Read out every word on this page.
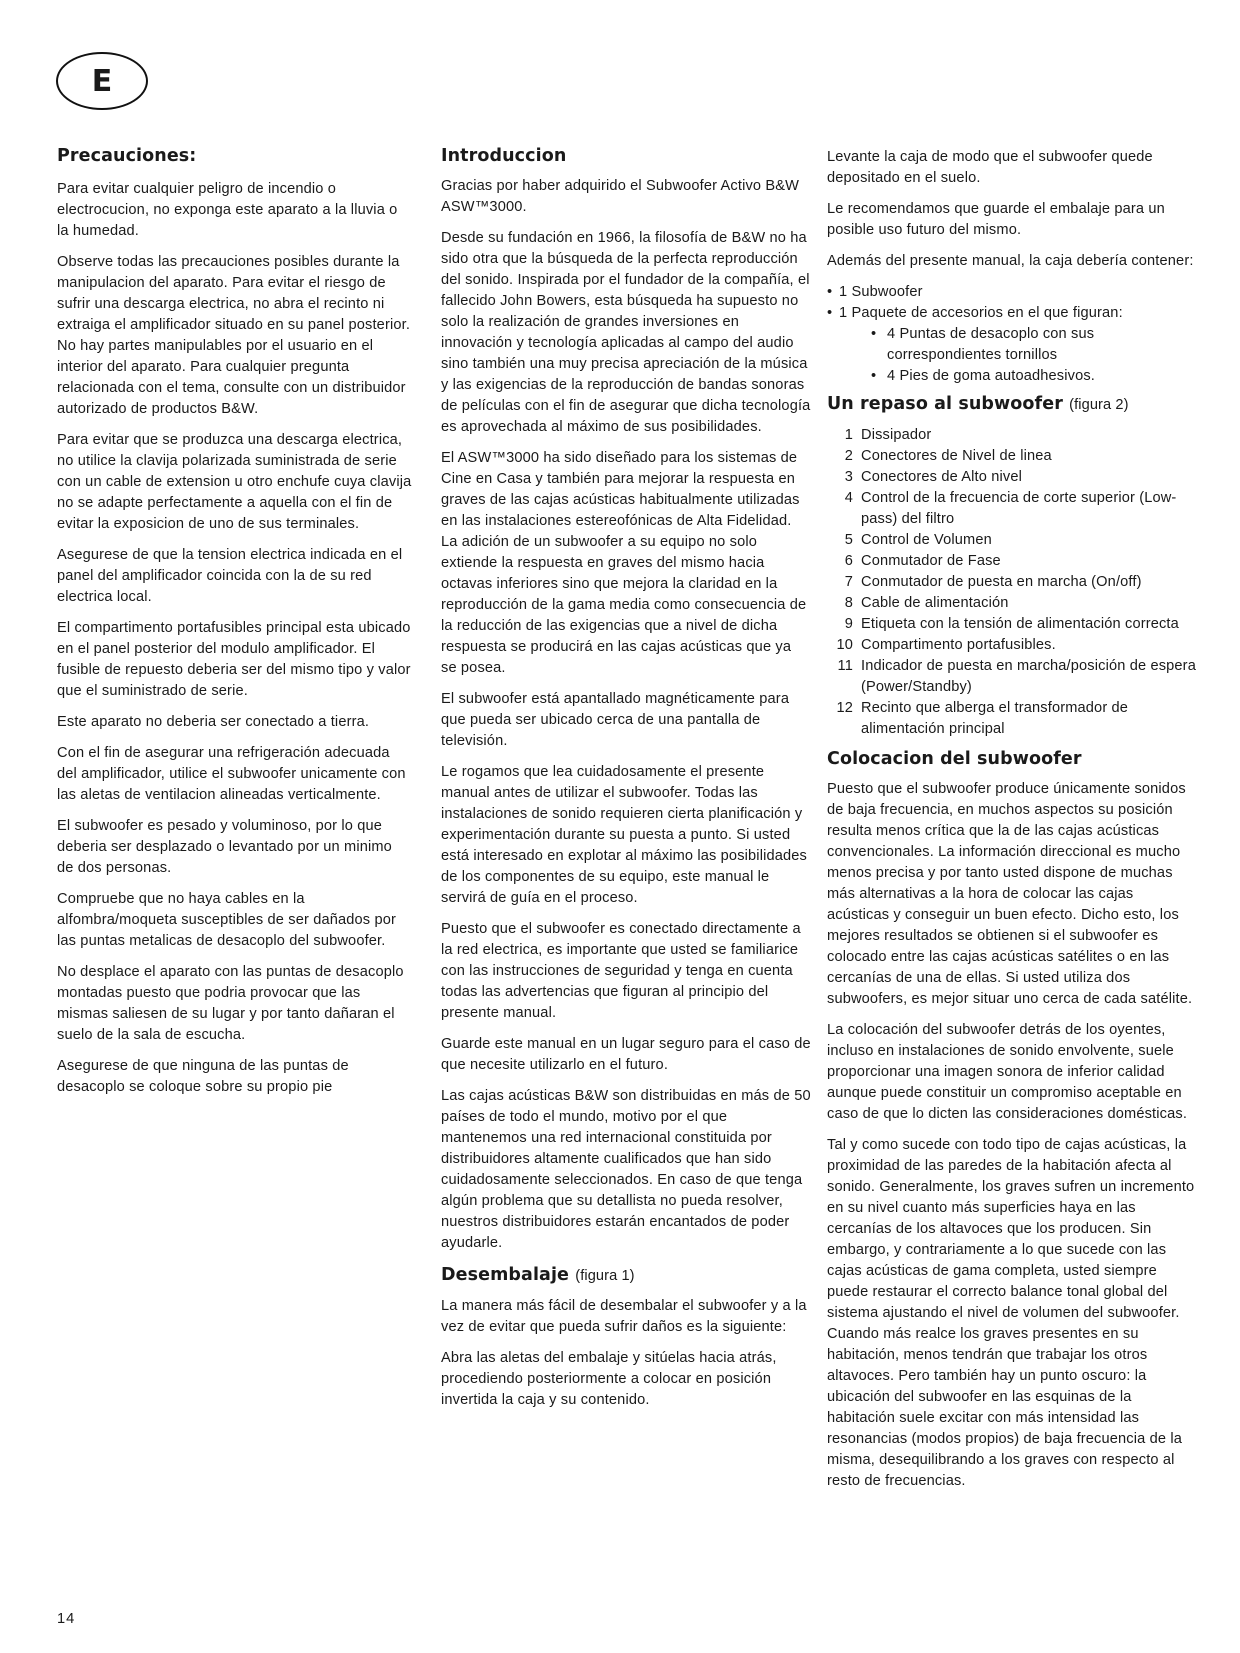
E
Precauciones:

Para evitar cualquier peligro de incendio o electrocucion, no exponga este aparato a la lluvia o la humedad.

Observe todas las precauciones posibles durante la manipulacion del aparato. Para evitar el riesgo de sufrir una descarga electrica, no abra el recinto ni extraiga el amplificador situado en su panel posterior. No hay partes manipulables por el usuario en el interior del aparato. Para cualquier pregunta relacionada con el tema, consulte con un distribuidor autorizado de productos B&W.

Para evitar que se produzca una descarga electrica, no utilice la clavija polarizada suministrada de serie con un cable de extension u otro enchufe cuya clavija no se adapte perfectamente a aquella con el fin de evitar la exposicion de uno de sus terminales.

Asegurese de que la tension electrica indicada en el panel del amplificador coincida con la de su red electrica local.

El compartimento portafusibles principal esta ubicado en el panel posterior del modulo amplificador. El fusible de repuesto deberia ser del mismo tipo y valor que el suministrado de serie.

Este aparato no deberia ser conectado a tierra.

Con el fin de asegurar una refrigeración adecuada del amplificador, utilice el subwoofer unicamente con las aletas de ventilacion alineadas verticalmente.

El subwoofer es pesado y voluminoso, por lo que deberia ser desplazado o levantado por un minimo de dos personas.

Compruebe que no haya cables en la alfombra/moqueta susceptibles de ser dañados por las puntas metalicas de desacoplo del subwoofer.

No desplace el aparato con las puntas de desacoplo montadas puesto que podria provocar que las mismas saliesen de su lugar y por tanto dañaran el suelo de la sala de escucha.

Asegurese de que ninguna de las puntas de desacoplo se coloque sobre su propio pie

Introduccion

Gracias por haber adquirido el Subwoofer Activo B&W ASW™3000.

Desde su fundación en 1966, la filosofía de B&W no ha sido otra que la búsqueda de la perfecta reproducción del sonido. Inspirada por el fundador de la compañía, el fallecido John Bowers, esta búsqueda ha supuesto no solo la realización de grandes inversiones en innovación y tecnología aplicadas al campo del audio sino también una muy precisa apreciación de la música y las exigencias de la reproducción de bandas sonoras de películas con el fin de asegurar que dicha tecnología es aprovechada al máximo de sus posibilidades.

El ASW™3000 ha sido diseñado para los sistemas de Cine en Casa y también para mejorar la respuesta en graves de las cajas acústicas habitualmente utilizadas en las instalaciones estereofónicas de Alta Fidelidad. La adición de un subwoofer a su equipo no solo extiende la respuesta en graves del mismo hacia octavas inferiores sino que mejora la claridad en la reproducción de la gama media como consecuencia de la reducción de las exigencias que a nivel de dicha respuesta se producirá en las cajas acústicas que ya se posea.

El subwoofer está apantallado magnéticamente para que pueda ser ubicado cerca de una pantalla de televisión.

Le rogamos que lea cuidadosamente el presente manual antes de utilizar el subwoofer. Todas las instalaciones de sonido requieren cierta planificación y experimentación durante su puesta a punto. Si usted está interesado en explotar al máximo las posibilidades de los componentes de su equipo, este manual le servirá de guía en el proceso.

Puesto que el subwoofer es conectado directamente a la red electrica, es importante que usted se familiarice con las instrucciones de seguridad y tenga en cuenta todas las advertencias que figuran al principio del presente manual.

Guarde este manual en un lugar seguro para el caso de que necesite utilizarlo en el futuro.

Las cajas acústicas B&W son distribuidas en más de 50 países de todo el mundo, motivo por el que mantenemos una red internacional constituida por distribuidores altamente cualificados que han sido cuidadosamente seleccionados. En caso de que tenga algún problema que su detallista no pueda resolver, nuestros distribuidores estarán encantados de poder ayudarle.

Desembalaje (figura 1)

La manera más fácil de desembalar el subwoofer y a la vez de evitar que pueda sufrir daños es la siguiente:

Abra las aletas del embalaje y sitúelas hacia atrás, procediendo posteriormente a colocar en posición invertida la caja y su contenido.

Levante la caja de modo que el subwoofer quede depositado en el suelo.

Le recomendamos que guarde el embalaje para un posible uso futuro del mismo.

Además del presente manual, la caja debería contener:

• 1 Subwoofer
• 1 Paquete de accesorios en el que figuran:
• 4 Puntas de desacoplo con sus correspondientes tornillos
• 4 Pies de goma autoadhesivos.
Un repaso al subwoofer (figura 2)
1 Dissipador
2 Conectores de Nivel de linea
3 Conectores de Alto nivel
4 Control de la frecuencia de corte superior (Low-pass) del filtro
5 Control de Volumen
6 Conmutador de Fase
7 Conmutador de puesta en marcha (On/off)
8 Cable de alimentación
9 Etiqueta con la tensión de alimentación correcta
10 Compartimento portafusibles.
11 Indicador de puesta en marcha/posición de espera (Power/Standby)
12 Recinto que alberga el transformador de alimentación principal
Colocacion del subwoofer

Puesto que el subwoofer produce únicamente sonidos de baja frecuencia, en muchos aspectos su posición resulta menos crítica que la de las cajas acústicas convencionales. La información direccional es mucho menos precisa y por tanto usted dispone de muchas más alternativas a la hora de colocar las cajas acústicas y conseguir un buen efecto. Dicho esto, los mejores resultados se obtienen si el subwoofer es colocado entre las cajas acústicas satélites o en las cercanías de una de ellas. Si usted utiliza dos subwoofers, es mejor situar uno cerca de cada satélite.

La colocación del subwoofer detrás de los oyentes, incluso en instalaciones de sonido envolvente, suele proporcionar una imagen sonora de inferior calidad aunque puede constituir un compromiso aceptable en caso de que lo dicten las consideraciones domésticas.

Tal y como sucede con todo tipo de cajas acústicas, la proximidad de las paredes de la habitación afecta al sonido. Generalmente, los graves sufren un incremento en su nivel cuanto más superficies haya en las cercanías de los altavoces que los producen. Sin embargo, y contrariamente a lo que sucede con las cajas acústicas de gama completa, usted siempre puede restaurar el correcto balance tonal global del sistema ajustando el nivel de volumen del subwoofer. Cuando más realce los graves presentes en su habitación, menos tendrán que trabajar los otros altavoces. Pero también hay un punto oscuro: la ubicación del subwoofer en las esquinas de la habitación suele excitar con más intensidad las resonancias (modos propios) de baja frecuencia de la misma, desequilibrando a los graves con respecto al resto de frecuencias.

14
